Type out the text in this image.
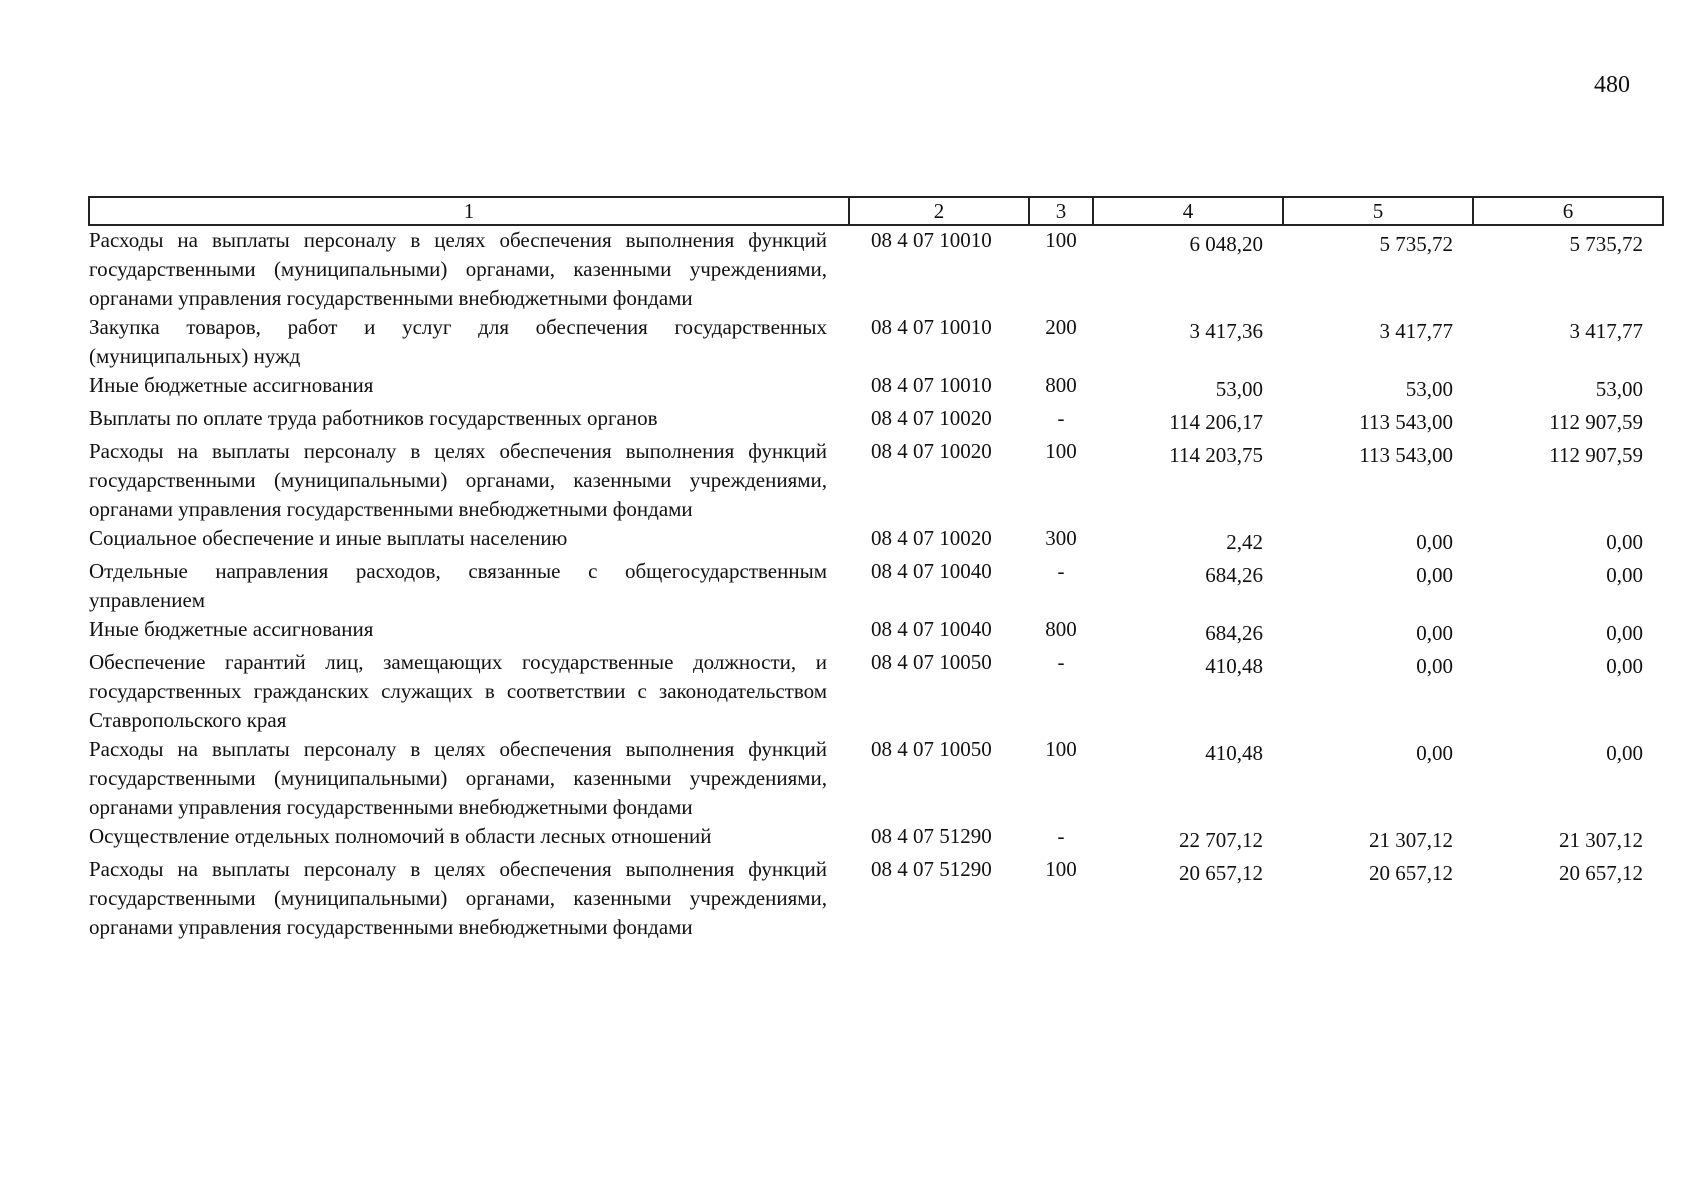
480
1	2	3	4	5	6
Расходы на выплаты персоналу в целях обеспечения выполнения функций государственными (муниципальными) органами, казенными учреждениями, органами управления государственными внебюджетными фондами	08 4 07 10010	100	6 048,20	5 735,72	5 735,72
Закупка товаров, работ и услуг для обеспечения государственных (муниципальных) нужд	08 4 07 10010	200	3 417,36	3 417,77	3 417,77
Иные бюджетные ассигнования	08 4 07 10010	800	53,00	53,00	53,00
Выплаты по оплате труда работников государственных органов	08 4 07 10020	-	114 206,17	113 543,00	112 907,59
Расходы на выплаты персоналу в целях обеспечения выполнения функций государственными (муниципальными) органами, казенными учреждениями, органами управления государственными внебюджетными фондами	08 4 07 10020	100	114 203,75	113 543,00	112 907,59
Социальное обеспечение и иные выплаты населению	08 4 07 10020	300	2,42	0,00	0,00
Отдельные направления расходов, связанные с общегосударственным управлением	08 4 07 10040	-	684,26	0,00	0,00
Иные бюджетные ассигнования	08 4 07 10040	800	684,26	0,00	0,00
Обеспечение гарантий лиц, замещающих государственные должности, и государственных гражданских служащих в соответствии с законодательством Ставропольского края	08 4 07 10050	-	410,48	0,00	0,00
Расходы на выплаты персоналу в целях обеспечения выполнения функций государственными (муниципальными) органами, казенными учреждениями, органами управления государственными внебюджетными фондами	08 4 07 10050	100	410,48	0,00	0,00
Осуществление отдельных полномочий в области лесных отношений	08 4 07 51290	-	22 707,12	21 307,12	21 307,12
Расходы на выплаты персоналу в целях обеспечения выполнения функций государственными (муниципальными) органами, казенными учреждениями, органами управления государственными внебюджетными фондами	08 4 07 51290	100	20 657,12	20 657,12	20 657,12
